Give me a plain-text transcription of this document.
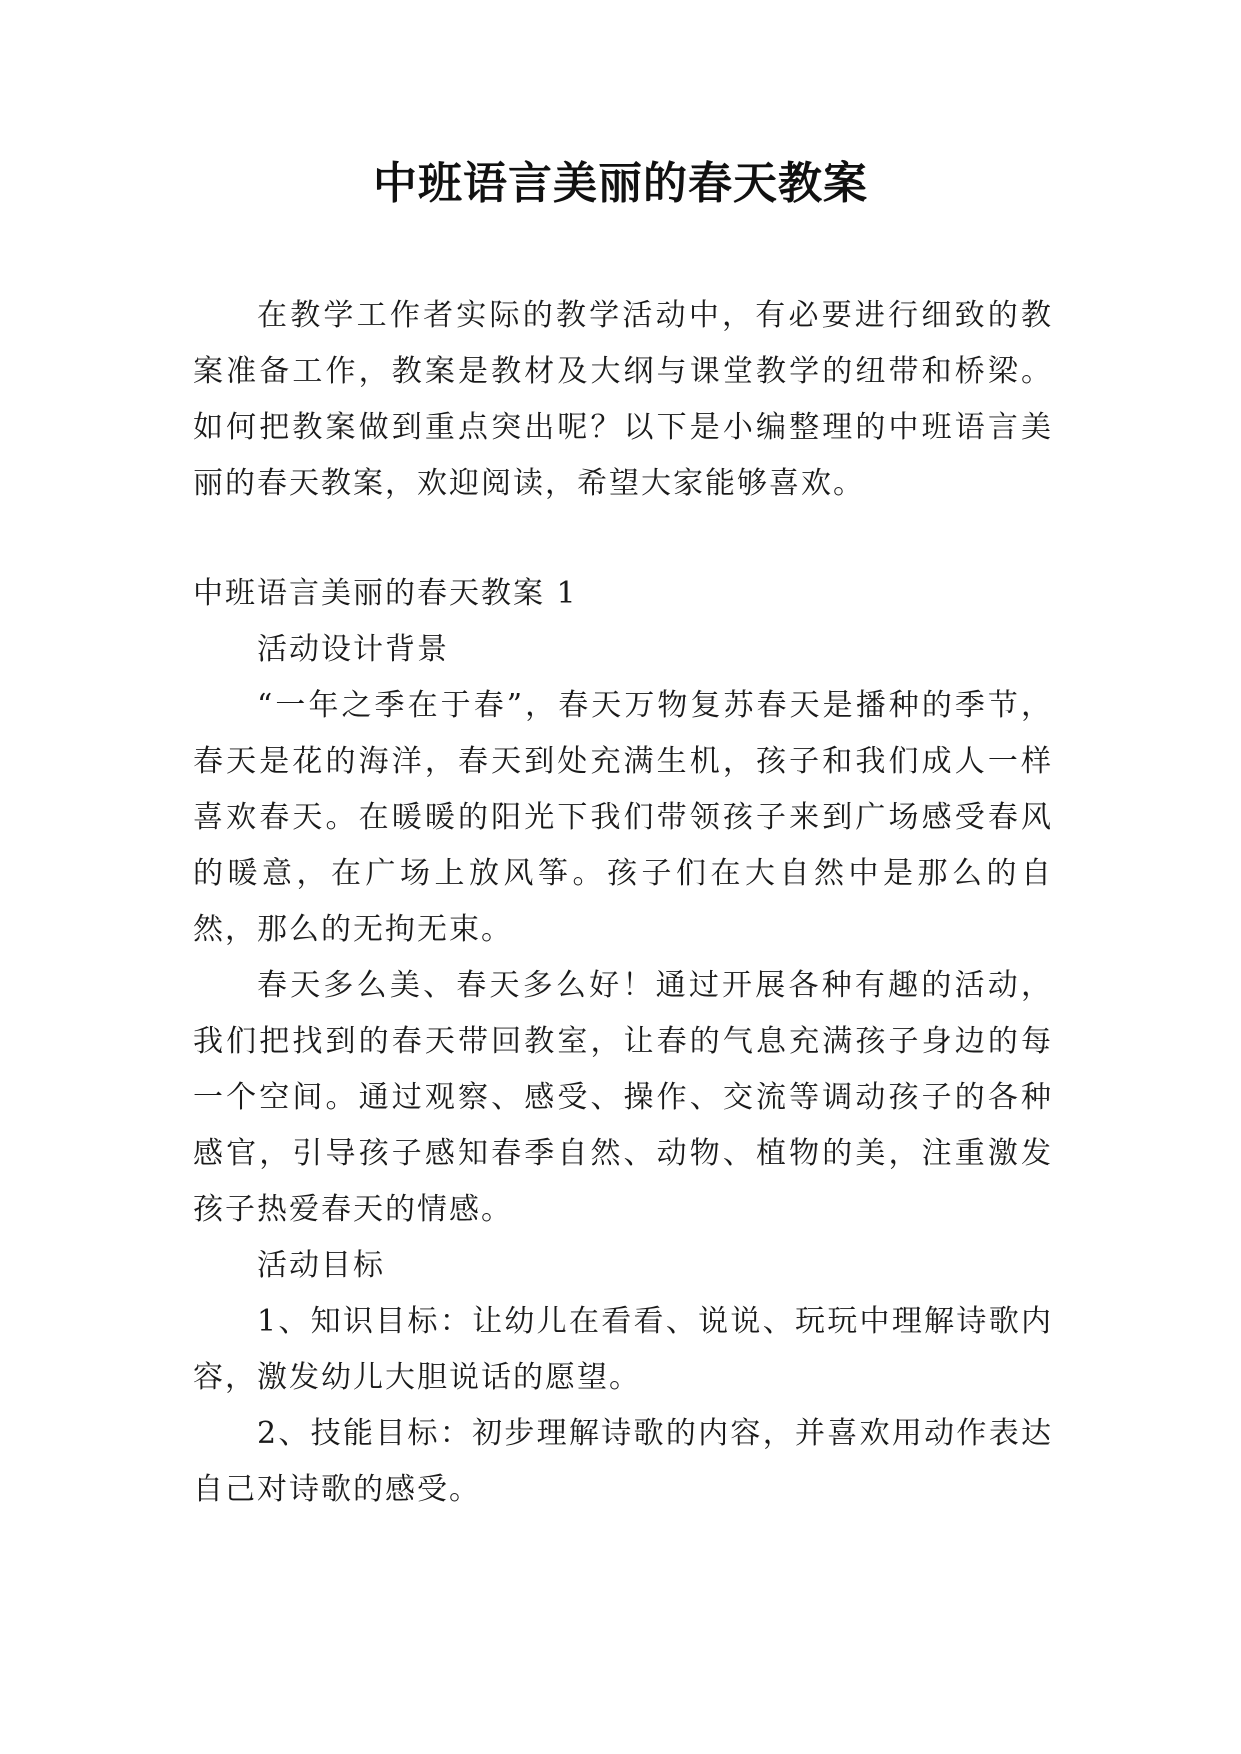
中班语言美丽的春天教案

在教学工作者实际的教学活动中，有必要进行细致的教案准备工作，教案是教材及大纲与课堂教学的纽带和桥梁。如何把教案做到重点突出呢？以下是小编整理的中班语言美丽的春天教案，欢迎阅读，希望大家能够喜欢。

中班语言美丽的春天教案 1

活动设计背景

“一年之季在于春”，春天万物复苏春天是播种的季节，春天是花的海洋，春天到处充满生机，孩子和我们成人一样喜欢春天。在暖暖的阳光下我们带领孩子来到广场感受春风的暖意，在广场上放风筝。孩子们在大自然中是那么的自然，那么的无拘无束。

春天多么美、春天多么好！通过开展各种有趣的活动，我们把找到的春天带回教室，让春的气息充满孩子身边的每一个空间。通过观察、感受、操作、交流等调动孩子的各种感官，引导孩子感知春季自然、动物、植物的美，注重激发孩子热爱春天的情感。

活动目标

1、知识目标：让幼儿在看看、说说、玩玩中理解诗歌内容，激发幼儿大胆说话的愿望。

2、技能目标：初步理解诗歌的内容，并喜欢用动作表达自己对诗歌的感受。
